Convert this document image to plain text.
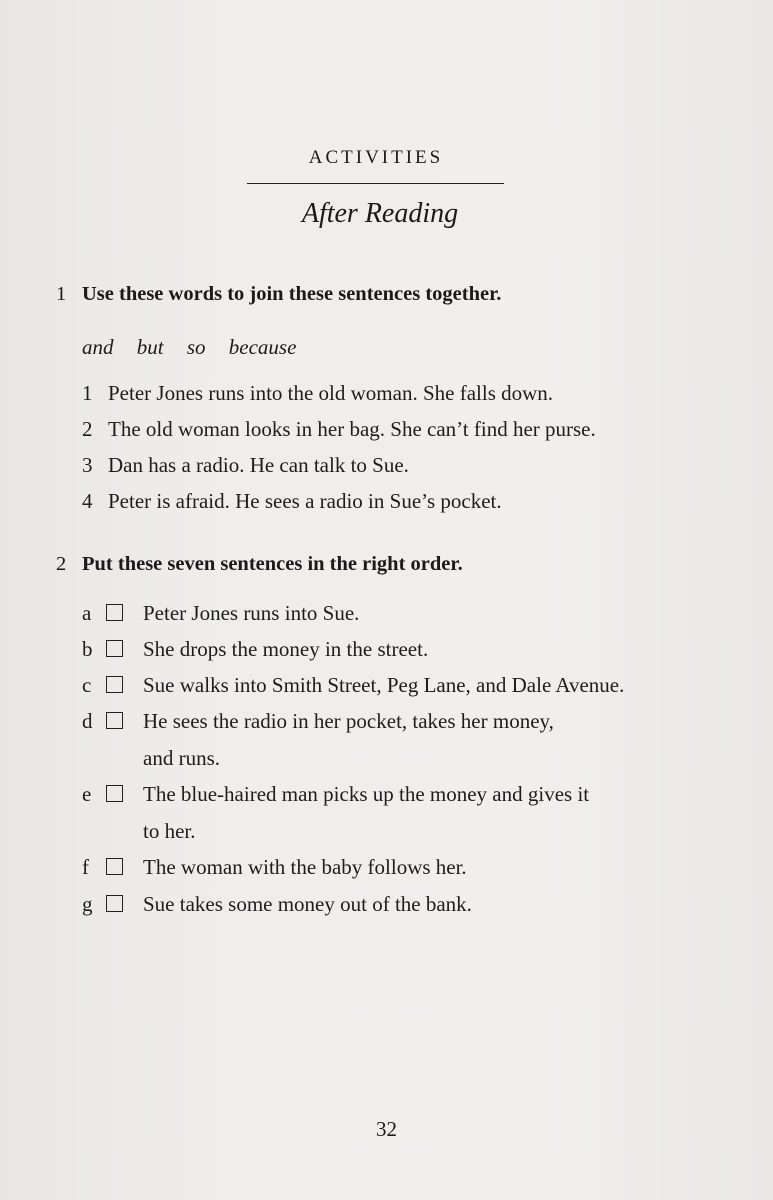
ACTIVITIES
After Reading
1 Use these words to join these sentences together.
and but so because
1 Peter Jones runs into the old woman. She falls down.
2 The old woman looks in her bag. She can’t find her purse.
3 Dan has a radio. He can talk to Sue.
4 Peter is afraid. He sees a radio in Sue’s pocket.
2 Put these seven sentences in the right order.
a Peter Jones runs into Sue.
b She drops the money in the street.
c Sue walks into Smith Street, Peg Lane, and Dale Avenue.
d He sees the radio in her pocket, takes her money,
and runs.
e The blue-haired man picks up the money and gives it
to her.
f	The woman with the baby follows her.
g Sue takes some money out of the bank.
32
